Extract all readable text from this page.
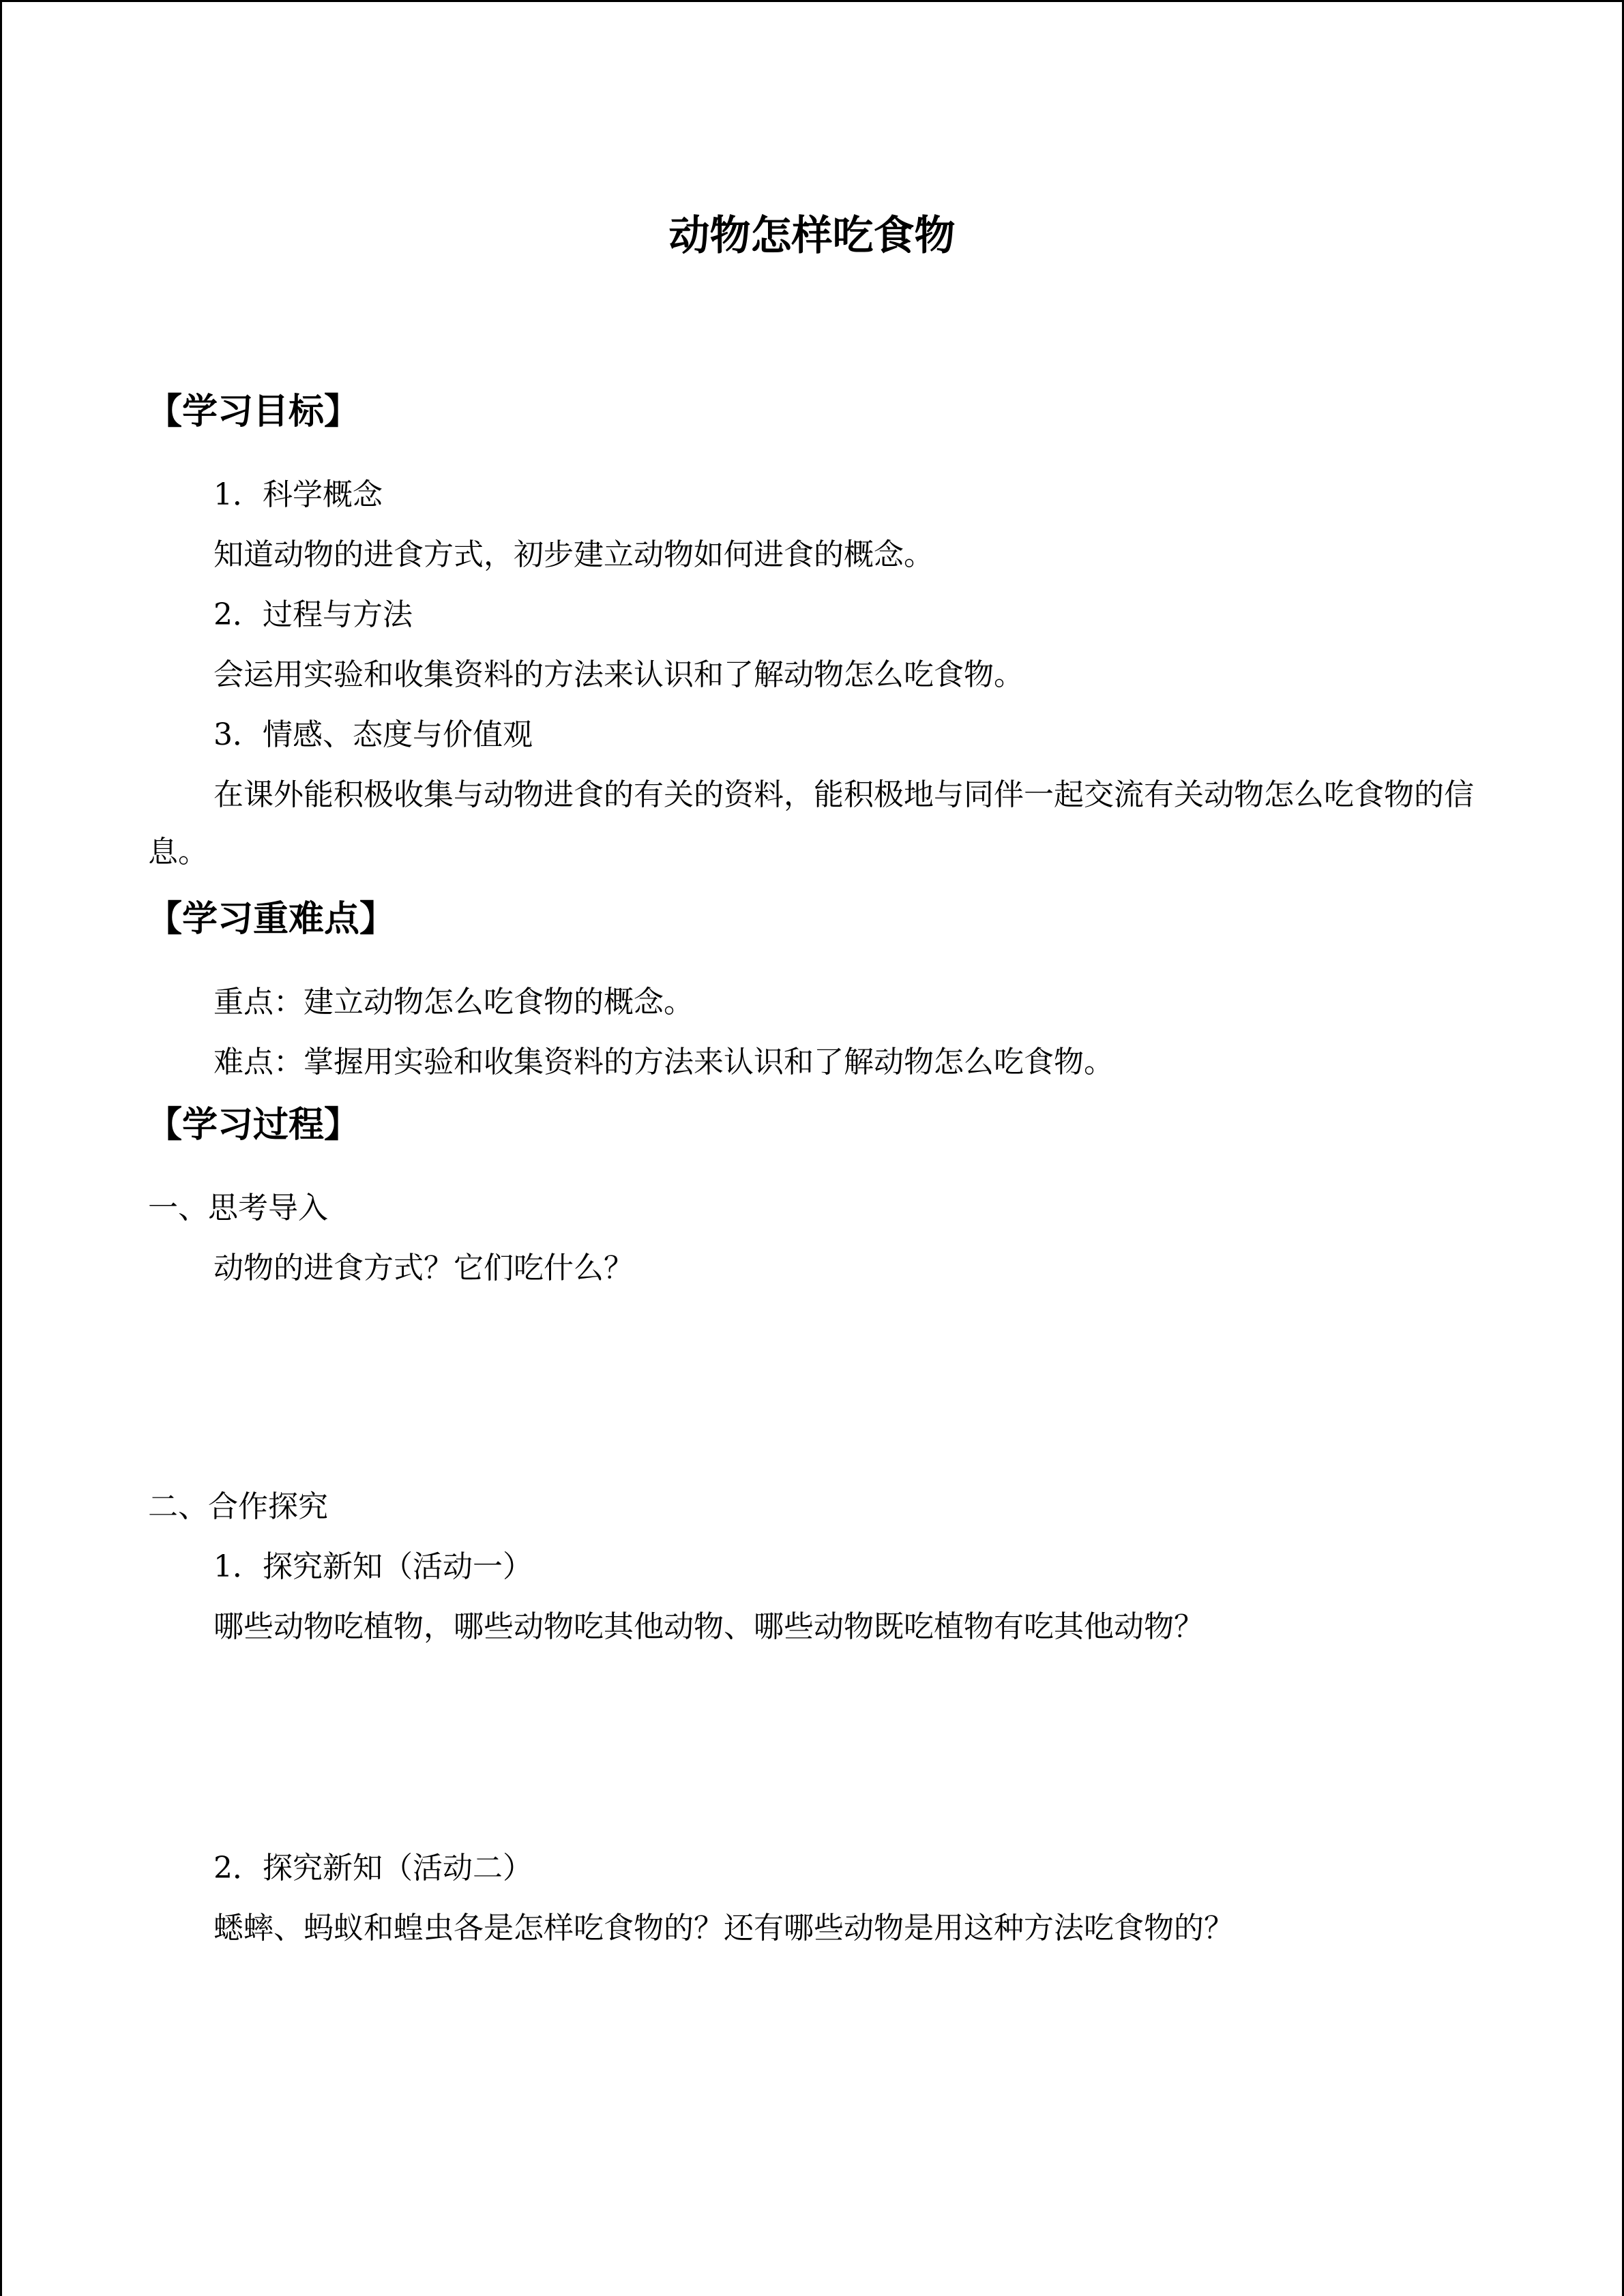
动物怎样吃食物
【学习目标】
1．科学概念
知道动物的进食方式，初步建立动物如何进食的概念。
2．过程与方法
会运用实验和收集资料的方法来认识和了解动物怎么吃食物。
3．情感、态度与价值观
在课外能积极收集与动物进食的有关的资料，能积极地与同伴一起交流有关动物怎么吃食物的信息。
【学习重难点】
重点：建立动物怎么吃食物的概念。
难点：掌握用实验和收集资料的方法来认识和了解动物怎么吃食物。
【学习过程】
一、思考导入
动物的进食方式？它们吃什么？
二、合作探究
1．探究新知（活动一）
哪些动物吃植物，哪些动物吃其他动物、哪些动物既吃植物有吃其他动物？
2．探究新知（活动二）
蟋蟀、蚂蚁和蝗虫各是怎样吃食物的？还有哪些动物是用这种方法吃食物的？
